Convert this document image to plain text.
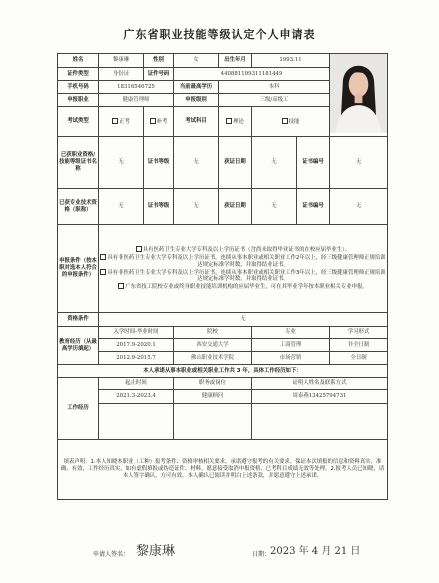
广东省职业技能等级认定个人申请表
姓名	黎康琳	性别	女	出生年月	1993.11	
证件类型	身份证	证件号码	440881199311181449				
手机号码	18316546725		当前最高学历	本科			
申报职业	健康管理师		申报级别	三级/高级工			
考试类型	正考	补考	考试科目	理论	技能		
已获职业资格/技能等级证书名称	无	证书等级	无	获证日期	无	证书编号	无
已获专业技术资格（职称）	无	证书等级	无	获证日期	无	证书编号	无
申报条件（按本职对选本人符合的申报条件）	具有医药卫生专业大学专科及以上学历证书（含尚未取得毕业证书的在校应届毕业生）。
具有非医药卫生专业大学专科及以上学历证书，连续从事本职业或相关职业工作2年以上，经三级健康管理师正规培训达规定标准学时数，并取得结业证书。
具有非医药卫生专业大学专科及以上学历证书，连续从事本职业或相关职业工作3年以上，经三级健康管理师正规培训达规定标准学时数，并取得结业证书。
广东省技工院校专业或终身职业技能培训机构的应届毕业生，可在其毕业学年按本职业相关专业申报。						

资格条件	无						
教育经历（从最高学历填起）	入学时间-毕业时间		院校		专业		学习形式
	2017.9-2020.1		西安交通大学		工商管理		非全日制
	2012.9-2015.7		佛山职业技术学院		市场营销		全日制
本人承诺从事本职业或相关职业工作共 3 年，具体工作经历如下：							
工作经历	起止时间		职务或岗位		证明人姓名及联系方式		
	2021.3-2023.4		健康顾问		周泰燕13425794731		

填表声明：1.本人知晓本职业（工种）报考条件、资格审核相关要求，承诺遵守报考的有关要求。保证本次填报的信息和资料真实、准确、有效，工作经历真实，如有虚假填报或伪造证件、材料，愿意接受取消申报资格、已考科目成绩无效等处理。2.报考人员已知晓，请本人签字确认，方可有效。本人确认已阅读并明白上述条款，并愿意遵守上述承诺。							
申请人签名： 黎康琳	日期： 2023 年 4 月 21 日
